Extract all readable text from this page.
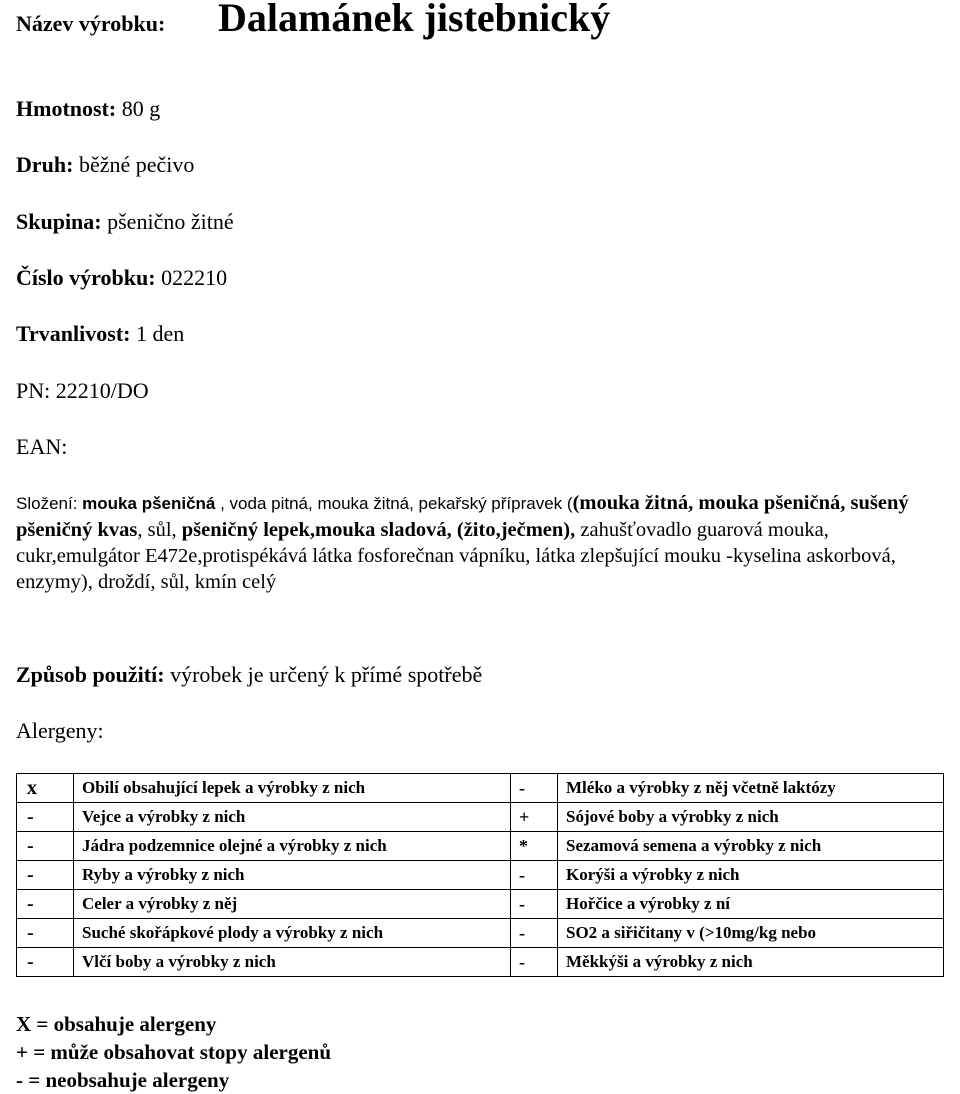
Název výrobku: Dalamánek jistebnický
Hmotnost: 80 g
Druh: běžné pečivo
Skupina: pšenično žitné
Číslo výrobku: 022210
Trvanlivost: 1 den
PN: 22210/DO
EAN:
Složení: mouka pšeničná , voda pitná, mouka žitná, pekařský přípravek ((mouka žitná, mouka pšeničná, sušený pšeničný kvas, sůl, pšeničný lepek,mouka sladová, (žito,ječmen), zahušťovadlo guarová mouka, cukr,emulgátor E472e,protispékává látka fosforečnan vápníku, látka zlepšující mouku -kyselina askorbová, enzymy), droždí, sůl, kmín celý
Způsob použití: výrobek je určený k přímé spotřebě
Alergeny:
x	Obilí obsahující lepek a výrobky z nich	-	Mléko a výrobky z něj včetně laktózy
-	Vejce a výrobky z nich	+	Sójové boby a výrobky z nich
-	Jádra podzemnice olejné a výrobky z nich	*	Sezamová semena a výrobky z nich
-	Ryby a výrobky z nich	-	Korýši a výrobky z nich
-	Celer a výrobky z něj	-	Hořčice a výrobky z ní
-	Suché skořápkové plody a výrobky z nich	-	SO2 a siřičitany v (>10mg/kg nebo
-	Vlčí boby a výrobky z nich	-	Měkkýši a výrobky z nich
X = obsahuje alergeny
+ = může obsahovat stopy alergenů
- = neobsahuje alergeny
